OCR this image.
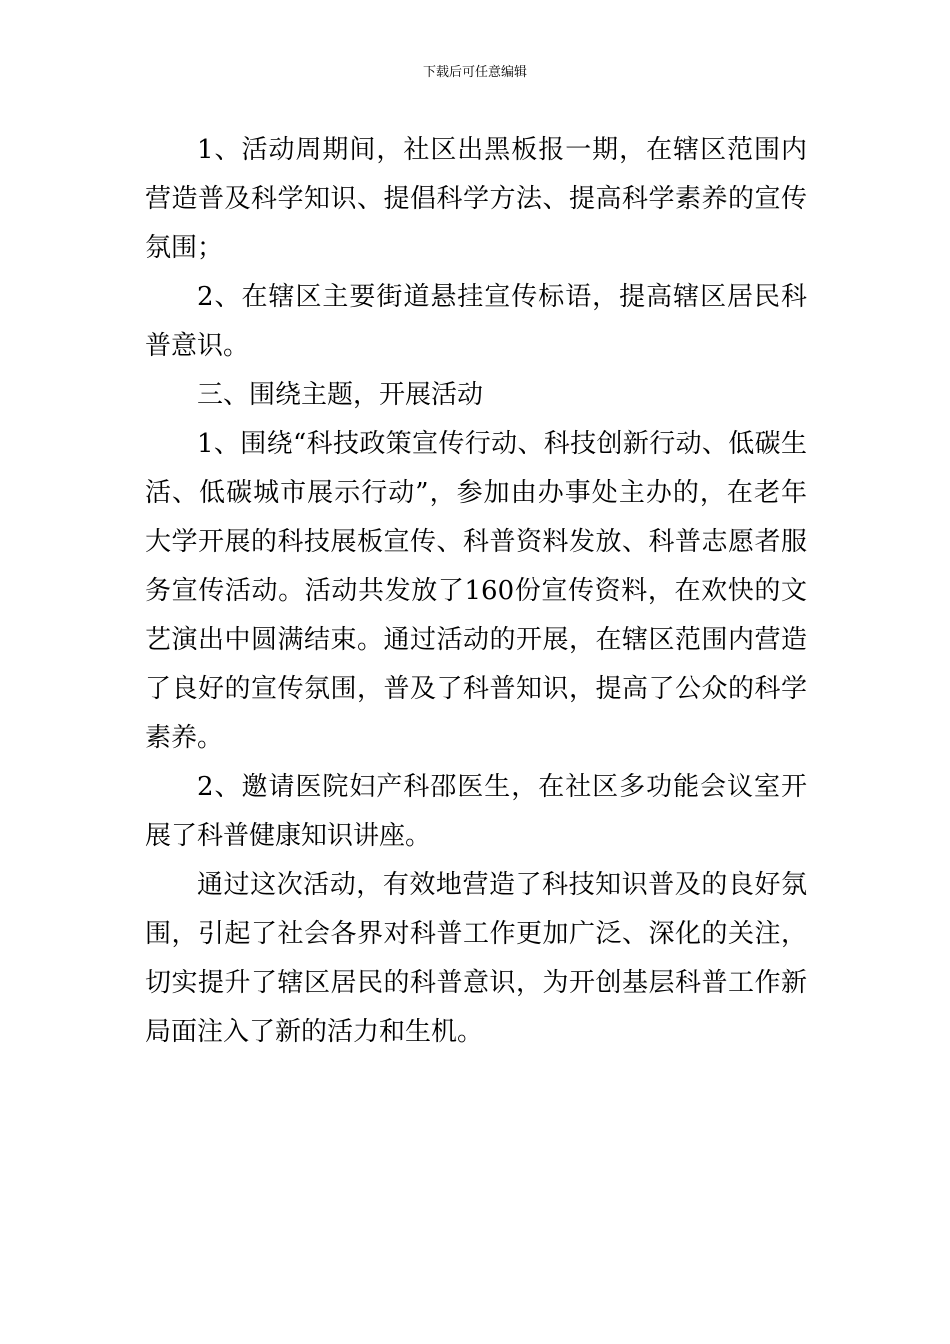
下载后可任意编辑

1、活动周期间，社区出黑板报一期，在辖区范围内营造普及科学知识、提倡科学方法、提高科学素养的宣传氛围；

2、在辖区主要街道悬挂宣传标语，提高辖区居民科普意识。

三、围绕主题，开展活动

1、围绕“科技政策宣传行动、科技创新行动、低碳生活、低碳城市展示行动”，参加由办事处主办的，在老年大学开展的科技展板宣传、科普资料发放、科普志愿者服务宣传活动。活动共发放了160份宣传资料，在欢快的文艺演出中圆满结束。通过活动的开展，在辖区范围内营造了良好的宣传氛围，普及了科普知识，提高了公众的科学素养。

2、邀请医院妇产科邵医生，在社区多功能会议室开展了科普健康知识讲座。

通过这次活动，有效地营造了科技知识普及的良好氛围，引起了社会各界对科普工作更加广泛、深化的关注，切实提升了辖区居民的科普意识，为开创基层科普工作新局面注入了新的活力和生机。
